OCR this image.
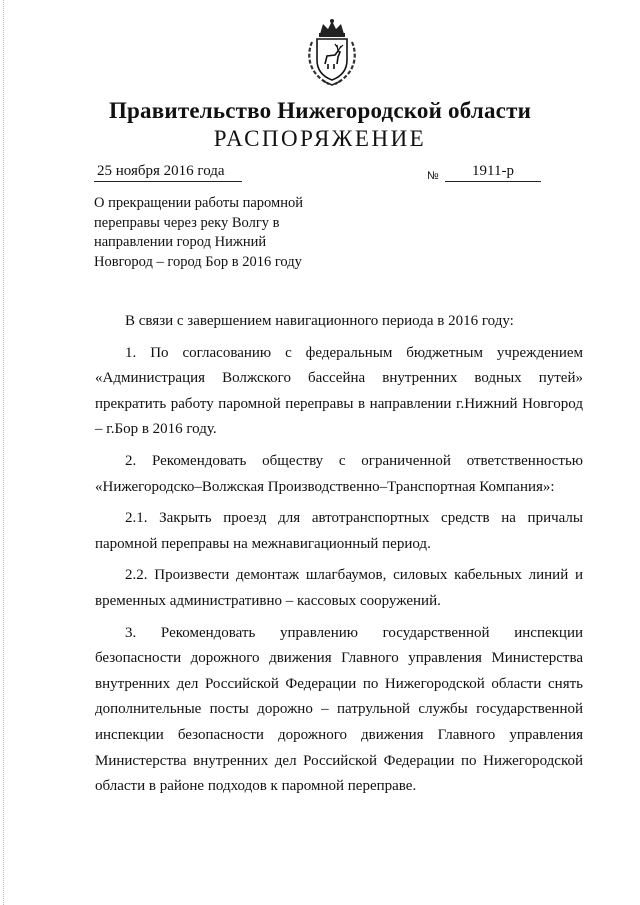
Правительство Нижегородской области
РАСПОРЯЖЕНИЕ
25 ноября 2016 года	№	1911-р
О прекращении работы паромной
переправы через реку Волгу в
направлении город Нижний
Новгород – город Бор в 2016 году
В связи с завершением навигационного периода в 2016 году:
1. По согласованию с федеральным бюджетным учреждением «Администрация Волжского бассейна внутренних водных путей» прекратить работу паромной переправы в направлении г.Нижний Новгород – г.Бор в 2016 году.
2. Рекомендовать обществу с ограниченной ответственностью «Нижегородско–Волжская Производственно–Транспортная Компания»:
2.1. Закрыть проезд для автотранспортных средств на причалы паромной переправы на межнавигационный период.
2.2. Произвести демонтаж шлагбаумов, силовых кабельных линий и временных административно – кассовых сооружений.
3. Рекомендовать управлению государственной инспекции безопасности дорожного движения Главного управления Министерства внутренних дел Российской Федерации по Нижегородской области снять дополнительные посты дорожно – патрульной службы государственной инспекции безопасности дорожного движения Главного управления Министерства внутренних дел Российской Федерации по Нижегородской области в районе подходов к паромной переправе.
